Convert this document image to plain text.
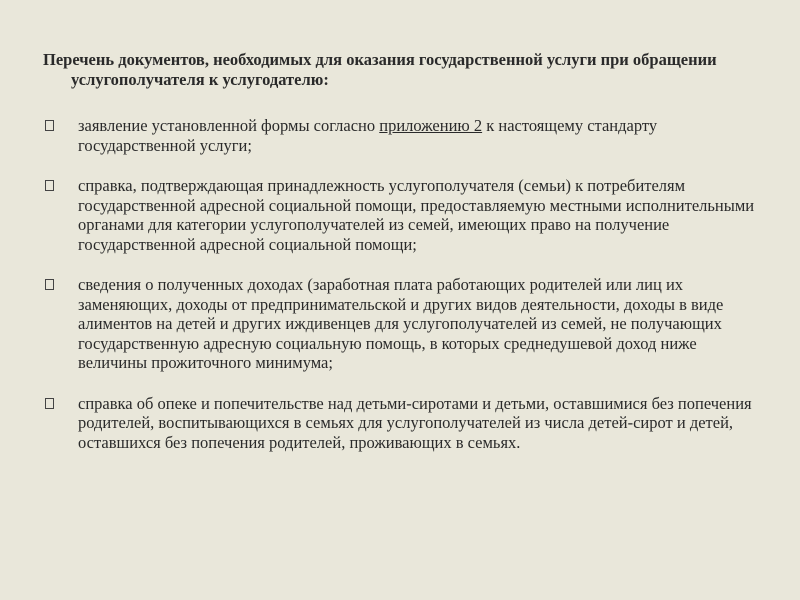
Перечень документов, необходимых для оказания государственной услуги при обращении услугополучателя к услугодателю:

заявление установленной формы согласно приложению 2 к настоящему стандарту государственной услуги;
справка, подтверждающая принадлежность услугополучателя (семьи) к потребителям государственной адресной социальной помощи, предоставляемую местными исполнительными органами для категории услугополучателей из семей, имеющих право на получение государственной адресной социальной помощи;
сведения о полученных доходах (заработная плата работающих родителей или лиц их заменяющих, доходы от предпринимательской и других видов деятельности, доходы в виде алиментов на детей и других иждивенцев для услугополучателей из семей, не получающих государственную адресную социальную помощь, в которых среднедушевой доход ниже величины прожиточного минимума;
справка об опеке и попечительстве над детьми-сиротами и детьми, оставшимися без попечения родителей, воспитывающихся в семьях для услугополучателей из числа детей-сирот и детей, оставшихся без попечения родителей, проживающих в семьях.
